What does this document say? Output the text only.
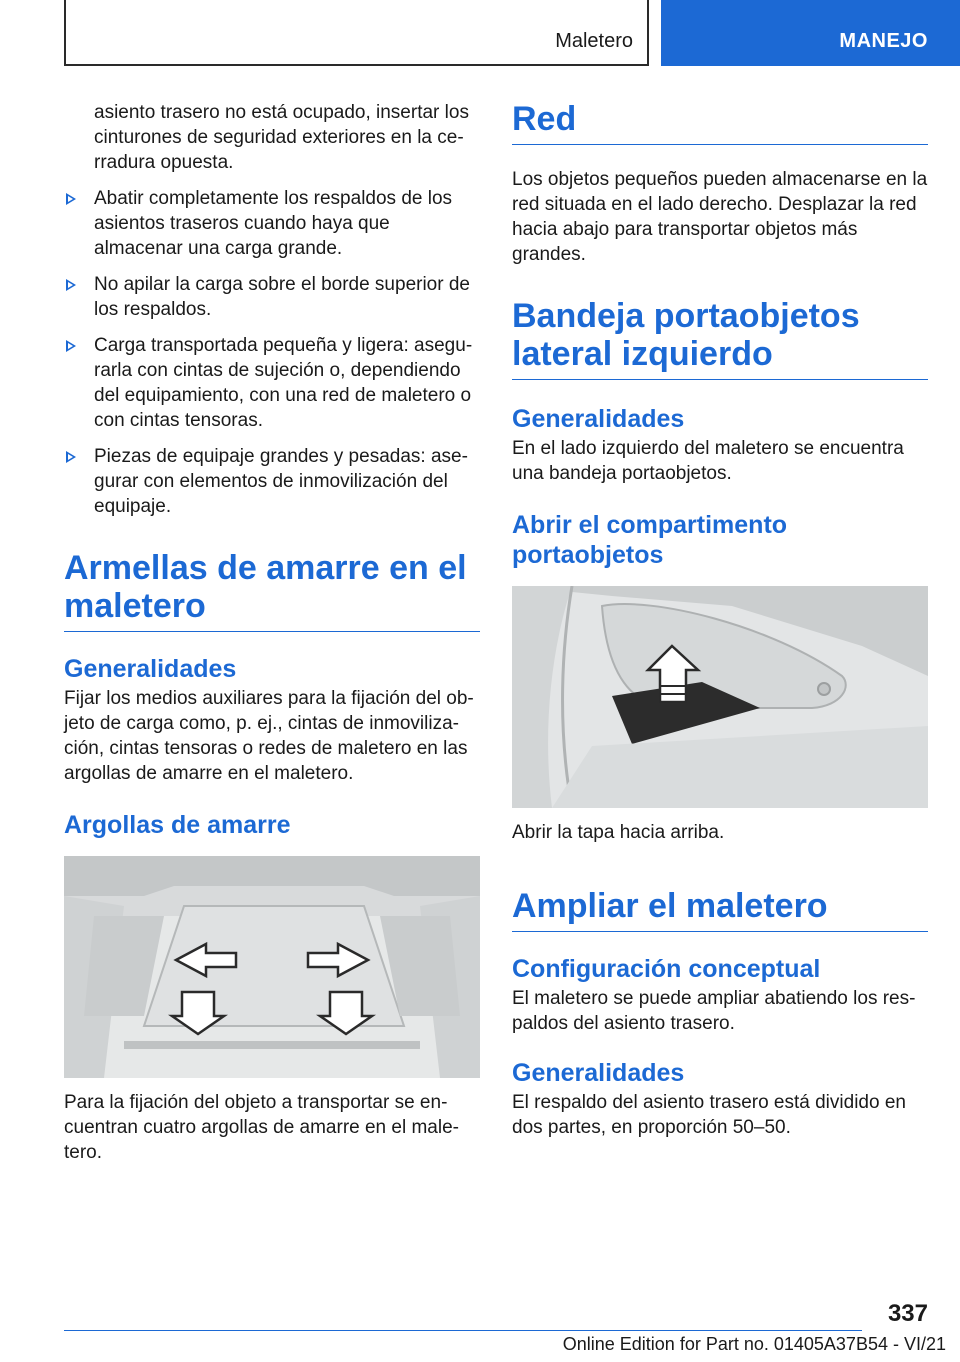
Maletero	MANEJO

asiento trasero no está ocupado, insertar los cinturones de seguridad exteriores en la cerradura opuesta.

Abatir completamente los respaldos de los asientos traseros cuando haya que almacenar una carga grande.
No apilar la carga sobre el borde superior de los respaldos.
Carga transportada pequeña y ligera: asegurarla con cintas de sujeción o, dependiendo del equipamiento, con una red de maletero o con cintas tensoras.
Piezas de equipaje grandes y pesadas: asegurar con elementos de inmovilización del equipaje.
Armellas de amarre en el maletero
Generalidades

Fijar los medios auxiliares para la fijación del objeto de carga como, p. ej., cintas de inmovilización, cintas tensoras o redes de maletero en las argollas de amarre en el maletero.

Argollas de amarre

Para la fijación del objeto a transportar se encuentran cuatro argollas de amarre en el maletero.

Red

Los objetos pequeños pueden almacenarse en la red situada en el lado derecho. Desplazar la red hacia abajo para transportar objetos más grandes.

Bandeja portaobjetos lateral izquierdo
Generalidades

En el lado izquierdo del maletero se encuentra una bandeja portaobjetos.

Abrir el compartimento portaobjetos

Abrir la tapa hacia arriba.

Ampliar el maletero
Configuración conceptual

El maletero se puede ampliar abatiendo los respaldos del asiento trasero.

Generalidades

El respaldo del asiento trasero está dividido en dos partes, en proporción 50–50.

337
Online Edition for Part no. 01405A37B54 - VI/21
